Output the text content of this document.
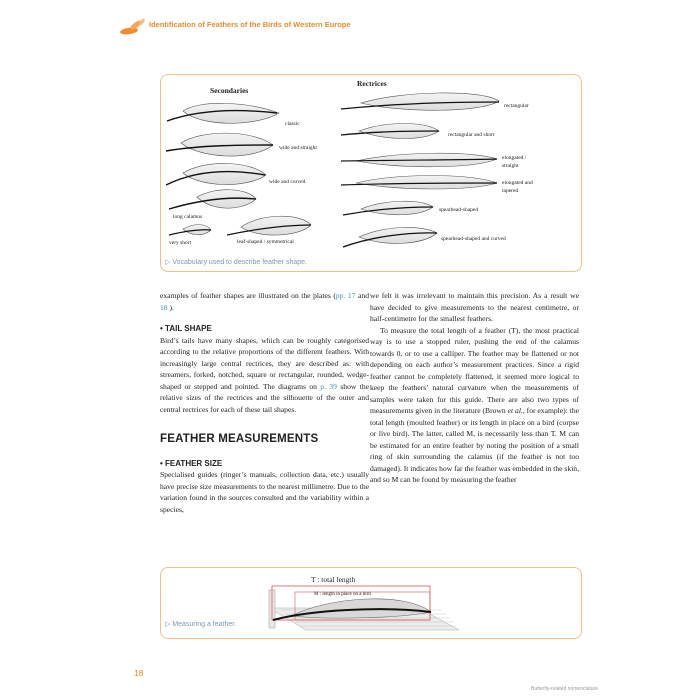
Identification of Feathers of the Birds of Western Europe
Secondaries
classic
wide and straight
wide and curved
long calamus
very short	leaf-shaped / symmetrical
Rectrices
rectangular
rectangular and short
elongated /
straight
elongated and
tapered
spearhead-shaped
spearhead-shaped and curved
▷ Vocabulary used to describe feather shape.

examples of feather shapes are illustrated on the plates (pp. 17 and 18 ).

• TAIL SHAPE

Bird’s tails have many shapes, which can be roughly categorised according to the relative proportions of the different feathers. With increasingly large central rectrices, they are described as: with streamers, forked, notched, square or rectangular, rounded, wedge-shaped or stepped and pointed. The diagrams on p. 39 show the relative sizes of the rectrices and the silhouette of the outer and central rectrices for each of these tail shapes.

FEATHER MEASUREMENTS

• FEATHER SIZE

Specialised guides (ringer’s manuals, collection data, etc.) usually have precise size measurements to the nearest millimetre. Due to the variation found in the sources consulted and the variability within a species,

we felt it was irrelevant to maintain this precision. As a result we have decided to give measurements to the nearest centimetre, or half-centimetre for the smallest feathers.

To measure the total length of a feather (T), the most practical way is to use a stopped ruler, pushing the end of the calamus towards 0, or to use a calliper. The feather may be flattened or not depending on each author’s measurement practices. Since a rigid feather cannot be completely flattened, it seemed more logical to keep the feathers’ natural curvature when the measurements of samples were taken for this guide. There are also two types of measurements given in the literature (Brown et al., for example): the total length (moulted feather) or its length in place on a bird (corpse or live bird). The latter, called M, is necessarily less than T. M can be estimated for an entire feather by noting the position of a small ring of skin surrounding the calamus (if the feather is not too damaged). It indicates how far the feather was embedded in the skin, and so M can be found by measuring the feather

T : total length
M : length in place on a bird
▷ Measuring a feather.
18
Butterfly-related nomenclature
